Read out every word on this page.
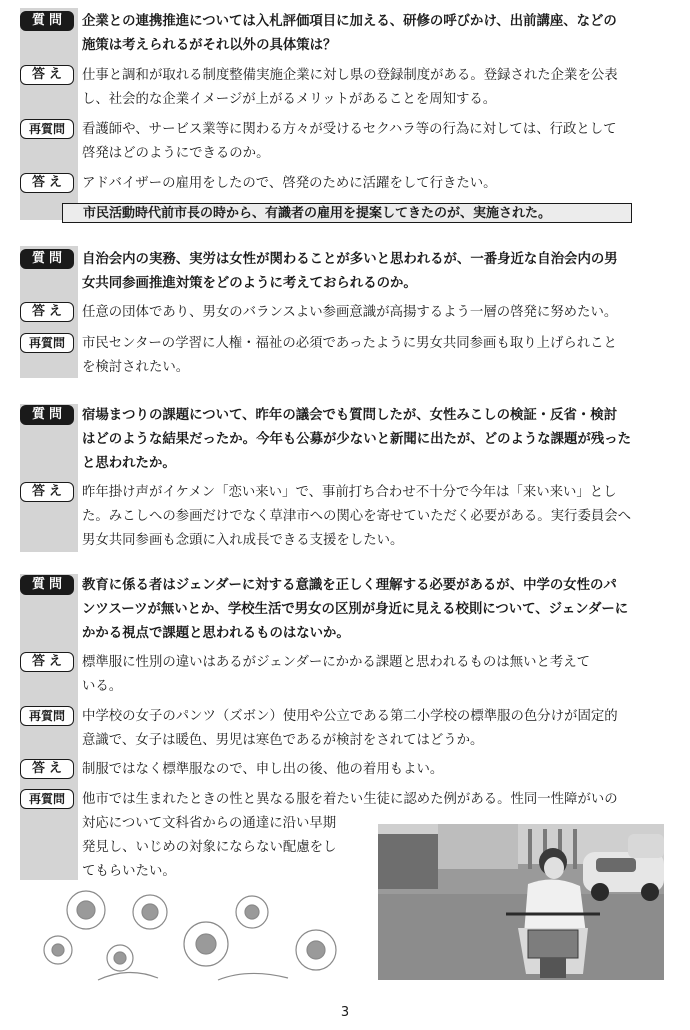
質問	企業との連携推進については入札評価項目に加える、研修の呼びかけ、出前講座、などの
施策は考えられるがそれ以外の具体策は？
答え	仕事と調和が取れる制度整備実施企業に対し県の登録制度がある。登録された企業を公表
し、社会的な企業イメージが上がるメリットがあることを周知する。
再質問	看護師や、サービス業等に関わる方々が受けるセクハラ等の行為に対しては、行政として
啓発はどのようにできるのか。
答え	アドバイザーの雇用をしたので、啓発のために活躍をして行きたい。
市民活動時代前市長の時から、有識者の雇用を提案してきたのが、実施された。
質問	自治会内の実務、実労は女性が関わることが多いと思われるが、一番身近な自治会内の男
女共同参画推進対策をどのように考えておられるのか。
答え	任意の団体であり、男女のバランスよい参画意識が高揚するよう一層の啓発に努めたい。
再質問	市民センターの学習に人権・福祉の必須であったように男女共同参画も取り上げられこと
を検討されたい。
質問	宿場まつりの課題について、昨年の議会でも質問したが、女性みこしの検証・反省・検討
はどのような結果だったか。今年も公募が少ないと新聞に出たが、どのような課題が残った
と思われたか。
答え	昨年掛け声がイケメン「恋い来い」で、事前打ち合わせ不十分で今年は「来い来い」とし
た。みこしへの参画だけでなく草津市への関心を寄せていただく必要がある。実行委員会へ
男女共同参画も念頭に入れ成長できる支援をしたい。
質問	教育に係る者はジェンダーに対する意識を正しく理解する必要があるが、中学の女性のパ
ンツスーツが無いとか、学校生活で男女の区別が身近に見える校則について、ジェンダーに
かかる視点で課題と思われるものはないか。
答え	標準服に性別の違いはあるがジェンダーにかかる課題と思われるものは無いと考えて
いる。
再質問	中学校の女子のパンツ（ズボン）使用や公立である第二小学校の標準服の色分けが固定的
意識で、女子は暖色、男児は寒色であるが検討をされてはどうか。
答え	制服ではなく標準服なので、申し出の後、他の着用もよい。
再質問	他市では生まれたときの性と異なる服を着たい生徒に認めた例がある。性同一性障がいの
対応について文科省からの通達に沿い早期
発見し、いじめの対象にならない配慮をし
てもらいたい。
3
